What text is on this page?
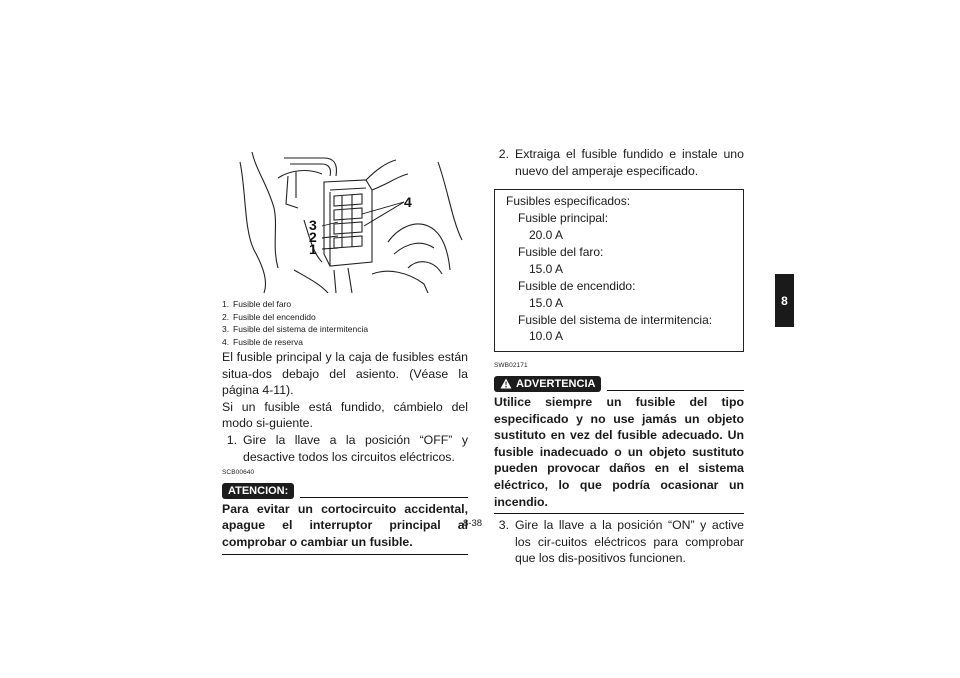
4
3
2
1
1. Fusible del faro
2. Fusible del encendido
3. Fusible del sistema de intermitencia
4. Fusible de reserva
El fusible principal y la caja de fusibles están situa-dos debajo del asiento. (Véase la página 4-11).
Si un fusible está fundido, cámbielo del modo si-guiente.
1. Gire la llave a la posición “OFF” y desactive todos los circuitos eléctricos.
SCB00640
ATENCION:
Para evitar un cortocircuito accidental, apague el interruptor principal al comprobar o cambiar un fusible.
2. Extraiga el fusible fundido e instale uno nuevo del amperaje especificado.
Fusibles especificados:
Fusible principal:
20.0 A
Fusible del faro:
15.0 A
Fusible de encendido:
15.0 A
Fusible del sistema de intermitencia:
10.0 A
SWB02171
ADVERTENCIA
Utilice siempre un fusible del tipo especificado y no use jamás un objeto sustituto en vez del fusible adecuado. Un fusible inadecuado o un objeto sustituto pueden provocar daños en el sistema eléctrico, lo que podría ocasionar un incendio.
3. Gire la llave a la posición “ON” y active los cir-cuitos eléctricos para comprobar que los dis-positivos funcionen.
8-38
8
